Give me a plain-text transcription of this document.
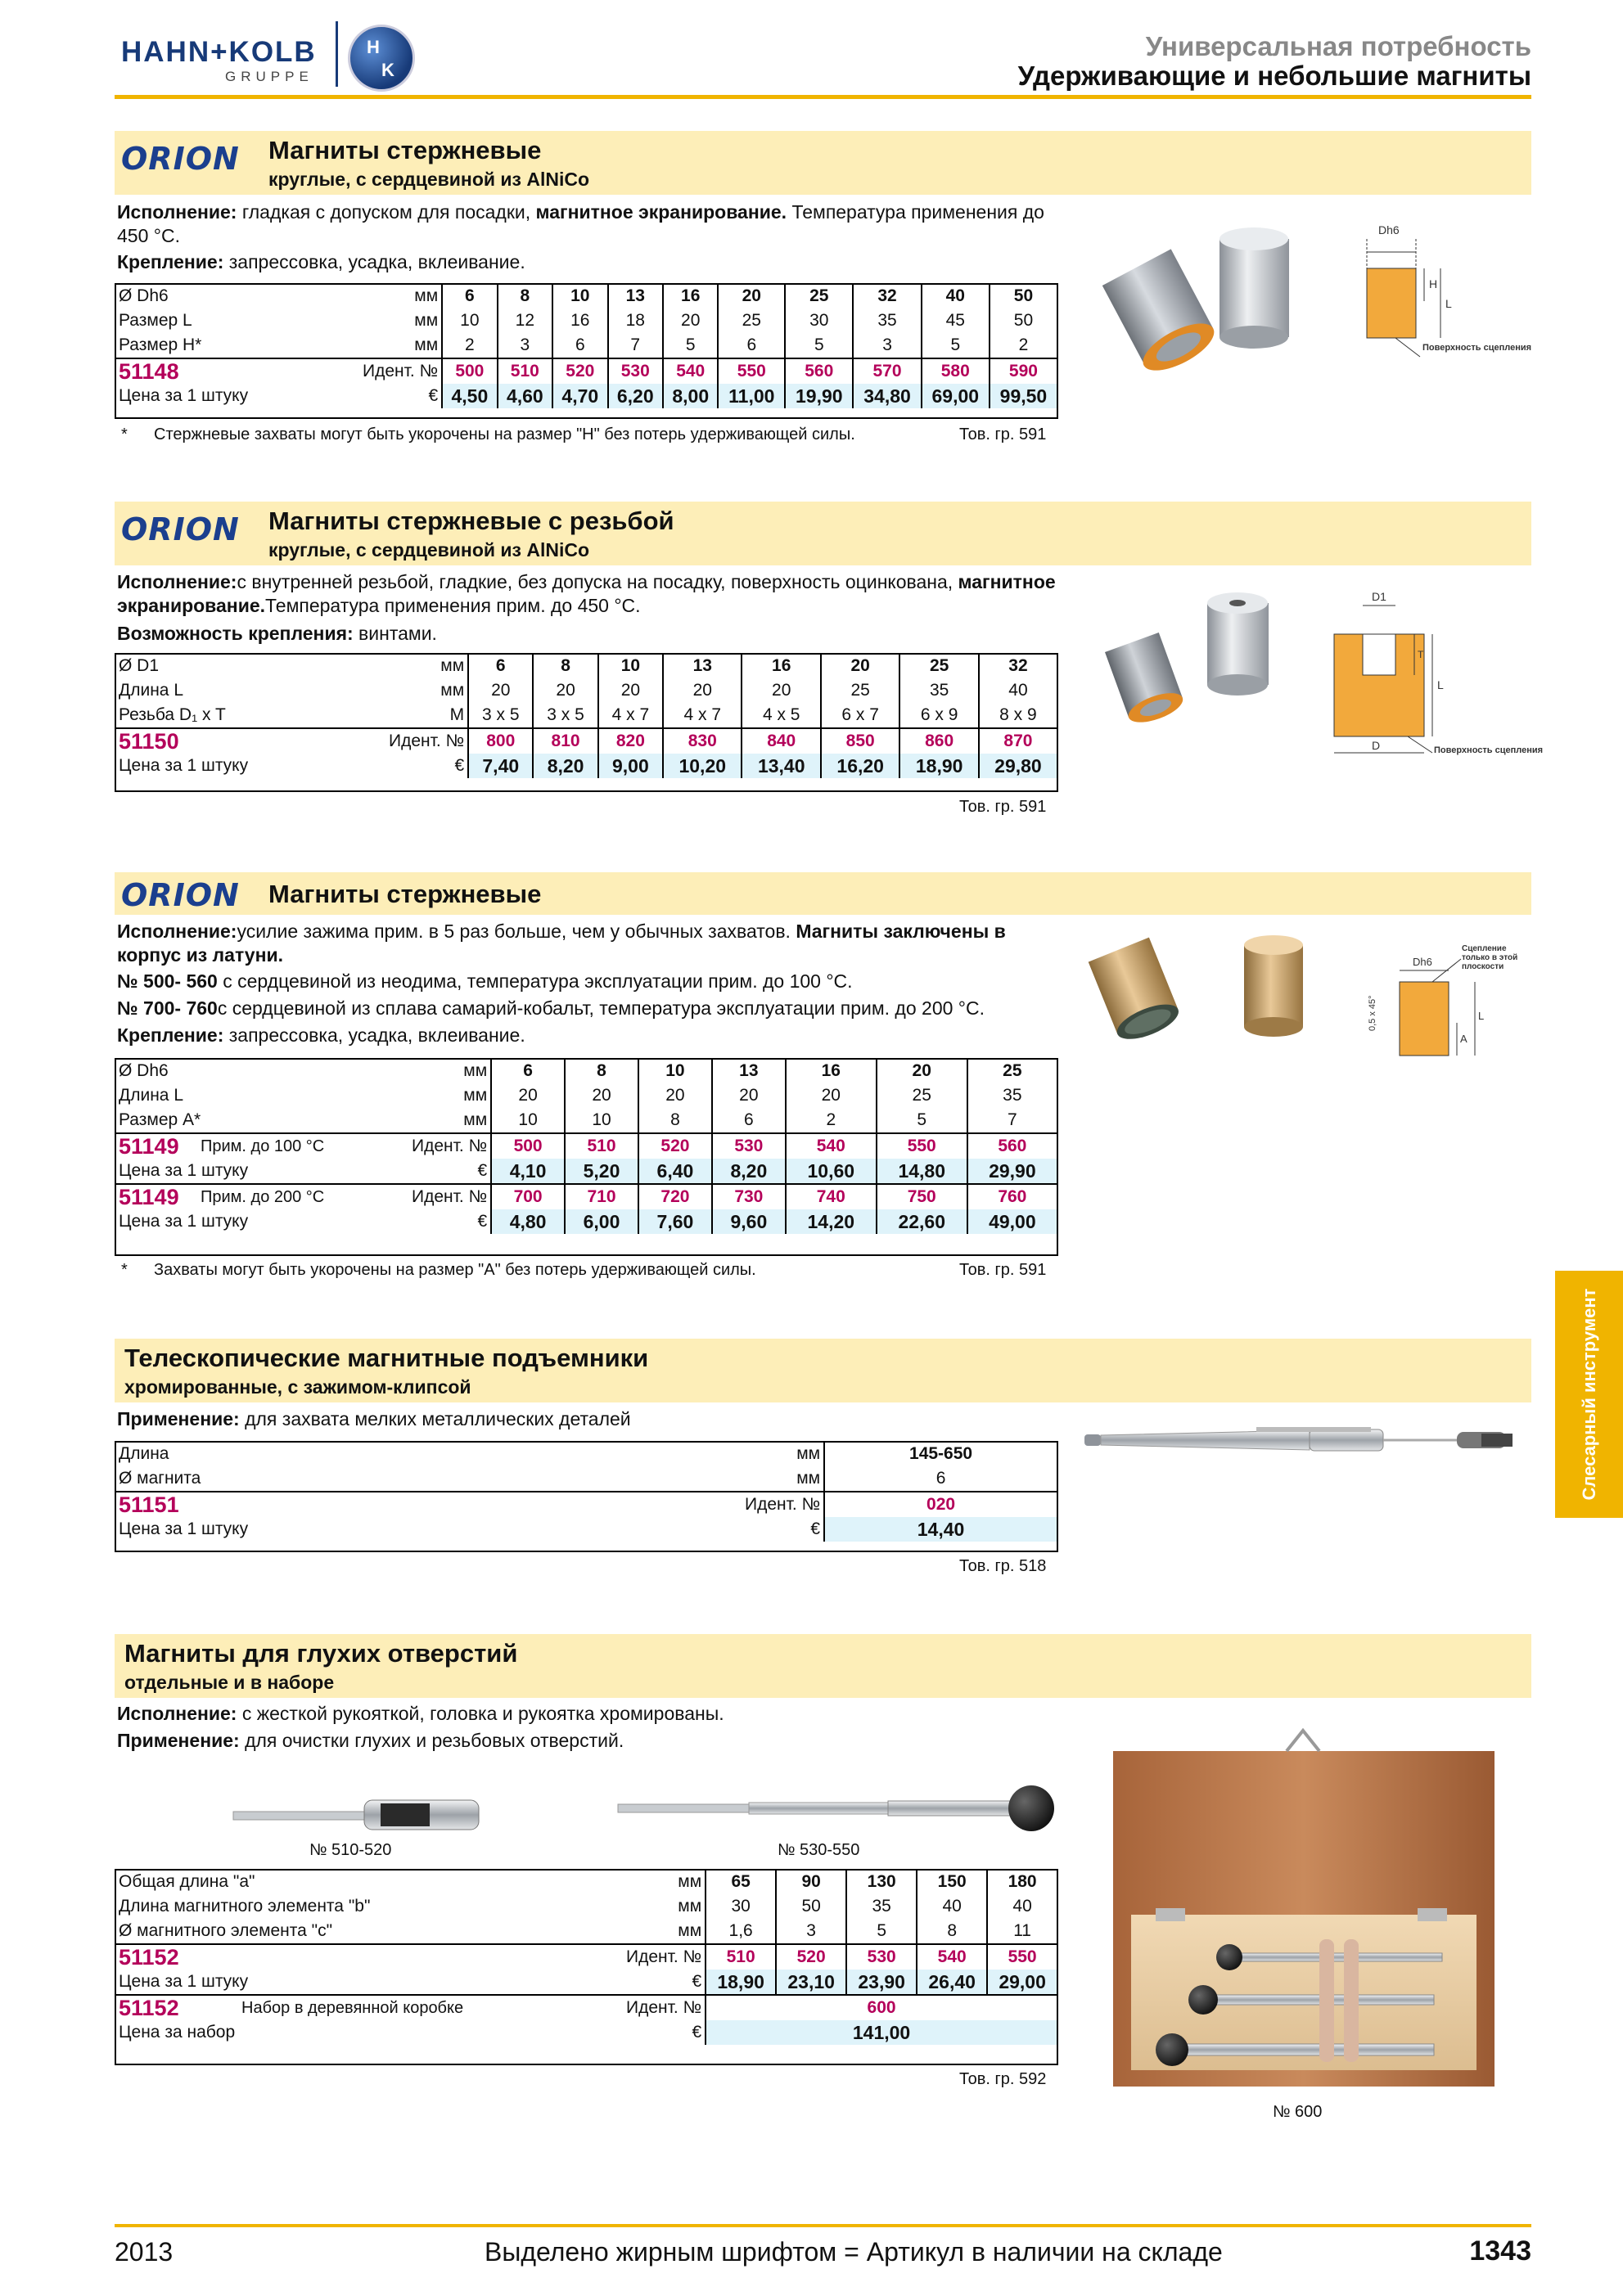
HAHN+KOLB
GRUPPE
H
K
Универсальная потребность
Удерживающие и небольшие магниты
Слесарный инструмент
ORION Магниты стержневые
круглые, с сердцевиной из AlNiCo
Исполнение: гладкая с допуском для посадки, магнитное экранирование. Температура применения до 450 °C.
Крепление: запрессовка, усадка, вклеивание.
Ø Dh6	мм	6	8	10	13	16	20	25	32	40	50
Размер L	мм	10	12	16	18	20	25	30	35	45	50
Размер H*	мм	2	3	6	7	5	6	5	3	5	2
51148	Идент. №	500	510	520	530	540	550	560	570	580	590
Цена за 1 штуку	€	4,50	4,60	4,70	6,20	8,00	11,00	19,90	34,80	69,00	99,50
* Стержневые захваты могут быть укорочены на размер "H" без потерь удерживающей силы.	Тов. гр. 591
Dh6
H
L
Поверхность сцепления
ORION Магниты стержневые с резьбой
круглые, с сердцевиной из AlNiCo
Исполнение:с внутренней резьбой, гладкие, без допуска на посадку, поверхность оцинкована, магнитное экранирование.Температура применения прим. до 450 °C.
Возможность крепления: винтами.
Ø D1	мм	6	8	10	13	16	20	25	32
Длина L	мм	20	20	20	20	20	25	35	40
Резьба D₁ x T	M	3 x 5	3 x 5	4 x 7	4 x 7	4 x 5	6 x 7	6 x 9	8 x 9
51150	Идент. №	800	810	820	830	840	850	860	870
Цена за 1 штуку	€	7,40	8,20	9,00	10,20	13,40	16,20	18,90	29,80
Тов. гр. 591
D1
L
T
D	Поверхность сцепления
ORION Магниты стержневые
Исполнение:усилие зажима прим. в 5 раз больше, чем у обычных захватов. Магниты заключены в корпус из латуни.
№ 500- 560 с сердцевиной из неодима, температура эксплуатации прим. до 100 °C.
№ 700- 760с сердцевиной из сплава самарий-кобальт, температура эксплуатации прим. до 200 °C.
Крепление: запрессовка, усадка, вклеивание.
Ø Dh6		мм	6	8	10	13	16	20	25
Длина L		мм	20	20	20	20	20	25	35
Размер A*		мм	10	10	8	6	2	5	7
51149	Прим. до 100 °C	Идент. №	500	510	520	530	540	550	560
Цена за 1 штуку		€	4,10	5,20	6,40	8,20	10,60	14,80	29,90
51149	Прим. до 200 °C	Идент. №	700	710	720	730	740	750	760
Цена за 1 штуку		€	4,80	6,00	7,60	9,60	14,20	22,60	49,00
* Захваты могут быть укорочены на размер "A" без потерь удерживающей силы.	Тов. гр. 591
Dh6
0,5 x 45°
A
L
Сцепление только в этой плоскости
Телескопические магнитные подъемники
хромированные, с зажимом-клипсой
Применение: для захвата мелких металлических деталей
Длина	мм	145-650
Ø магнита	мм	6
51151	Идент. №	020
Цена за 1 штуку	€	14,40
Тов. гр. 518
Магниты для глухих отверстий
отдельные и в наборе
Исполнение: с жесткой рукояткой, головка и рукоятка хромированы.
Применение: для очистки глухих и резьбовых отверстий.
№ 510-520	№ 530-550
Общая длина "a"		мм	65	90	130	150	180
Длина магнитного элемента "b"		мм	30	50	35	40	40
Ø магнитного элемента "c"		мм	1,6	3	5	8	11
51152		Идент. №	510	520	530	540	550
Цена за 1 штуку		€	18,90	23,10	23,90	26,40	29,00
51152	Набор в деревянной коробке	Идент. №	600				
Цена за набор		€	141,00				
Тов. гр. 592
№ 600
2013	Выделено жирным шрифтом = Артикул в наличии на складе	1343
